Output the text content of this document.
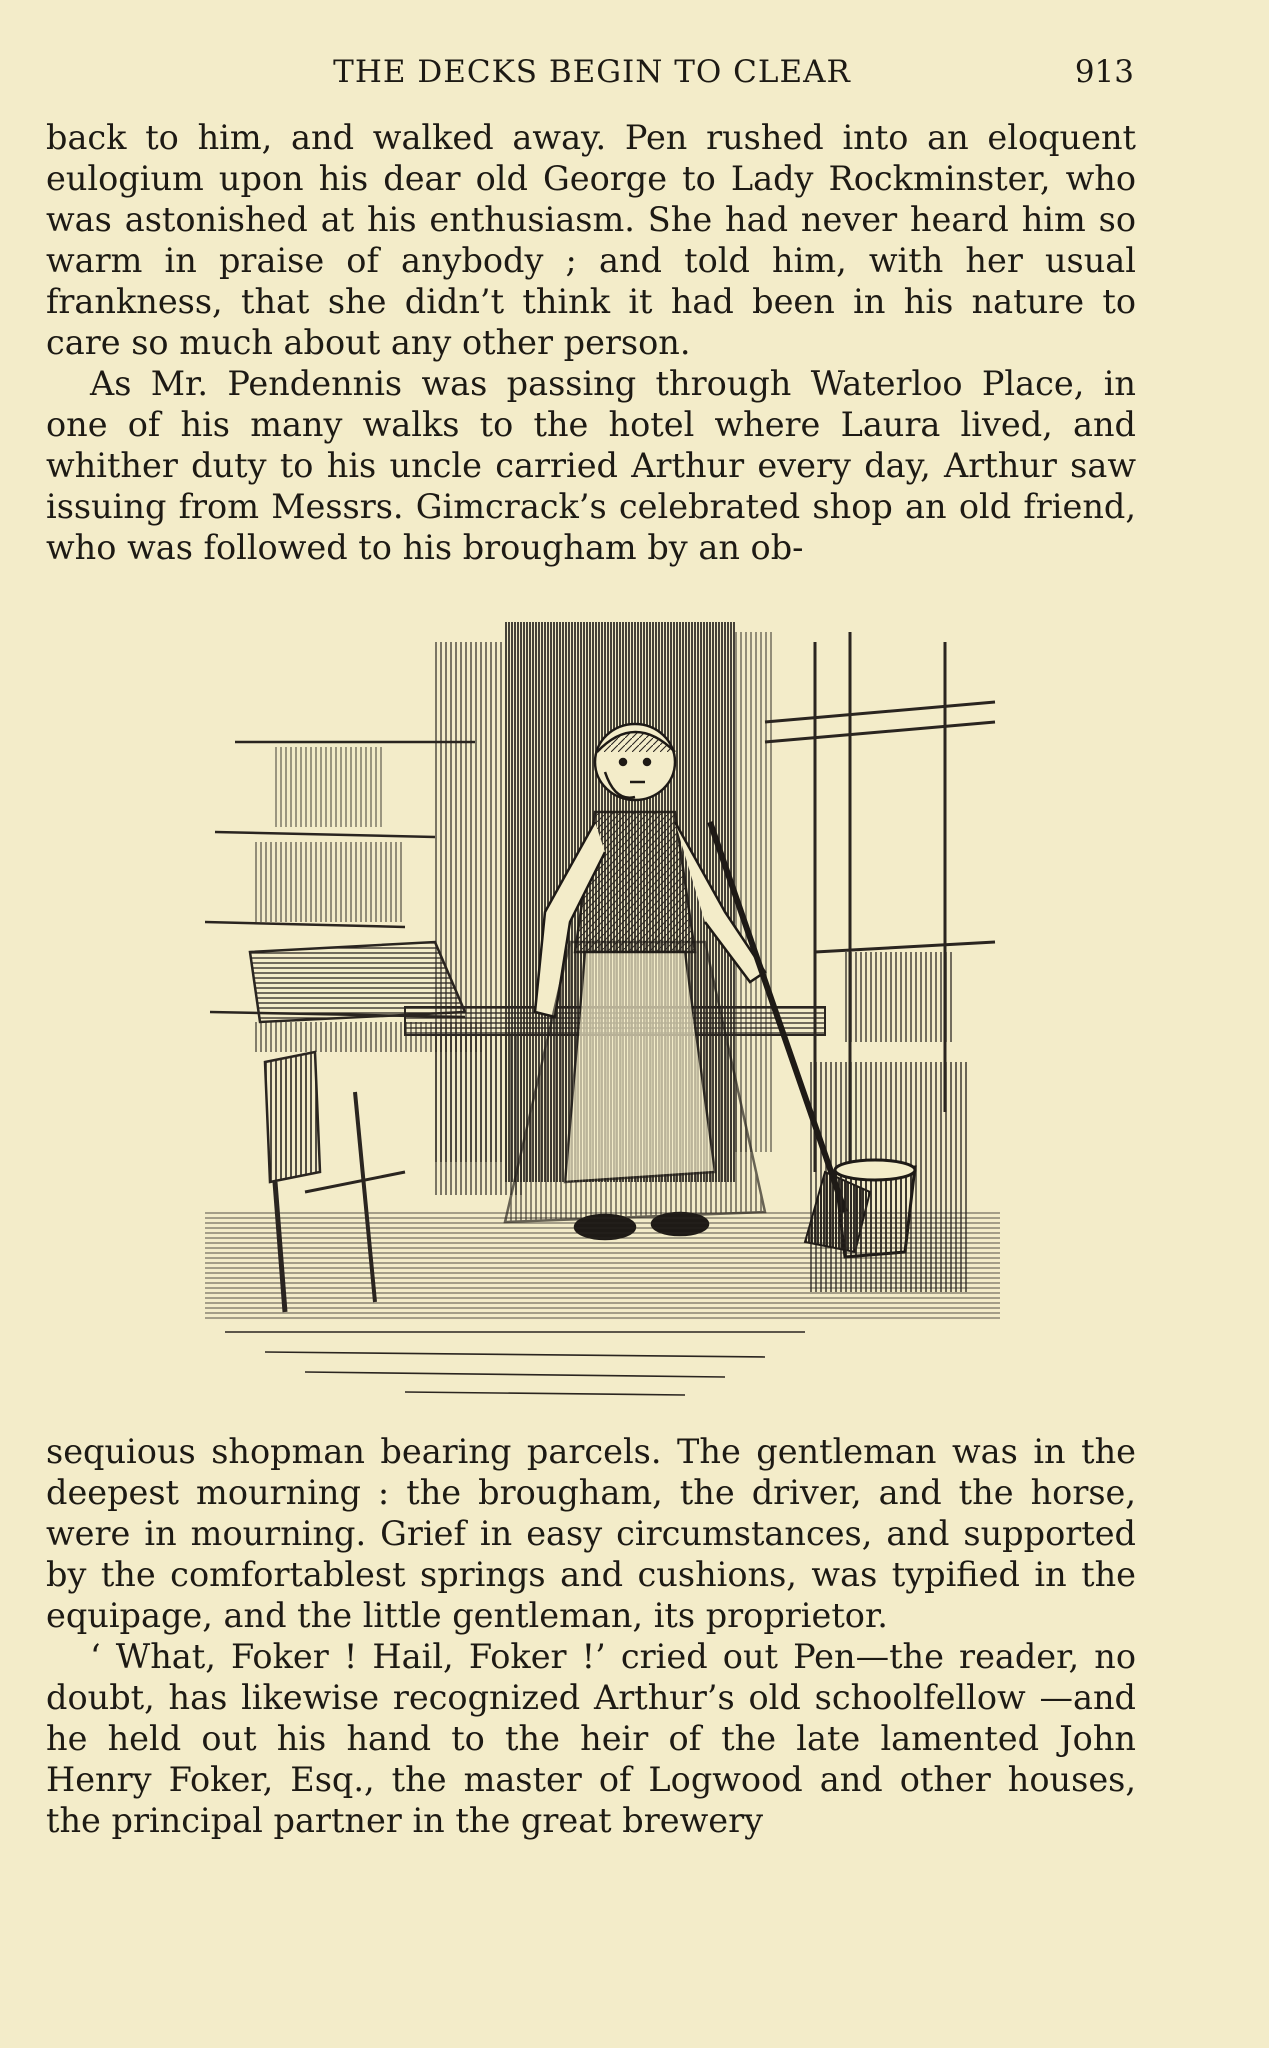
THE DECKS BEGIN TO CLEAR	913

back to him, and walked away. Pen rushed into an eloquent eulogium upon his dear old George to Lady Rockminster, who was astonished at his enthusiasm. She had never heard him so warm in praise of anybody ; and told him, with her usual frankness, that she didn’t think it had been in his nature to care so much about any other person.

As Mr. Pendennis was passing through Waterloo Place, in one of his many walks to the hotel where Laura lived, and whither duty to his uncle carried Arthur every day, Arthur saw issuing from Messrs. Gimcrack’s celebrated shop an old friend, who was followed to his brougham by an ob-

sequious shopman bearing parcels. The gentleman was in the deepest mourning : the brougham, the driver, and the horse, were in mourning. Grief in easy circumstances, and supported by the comfortablest springs and cushions, was typified in the equipage, and the little gentleman, its proprietor.

‘ What, Foker ! Hail, Foker !’ cried out Pen—the reader, no doubt, has likewise recognized Arthur’s old schoolfellow —and he held out his hand to the heir of the late lamented John Henry Foker, Esq., the master of Logwood and other houses, the principal partner in the great brewery
